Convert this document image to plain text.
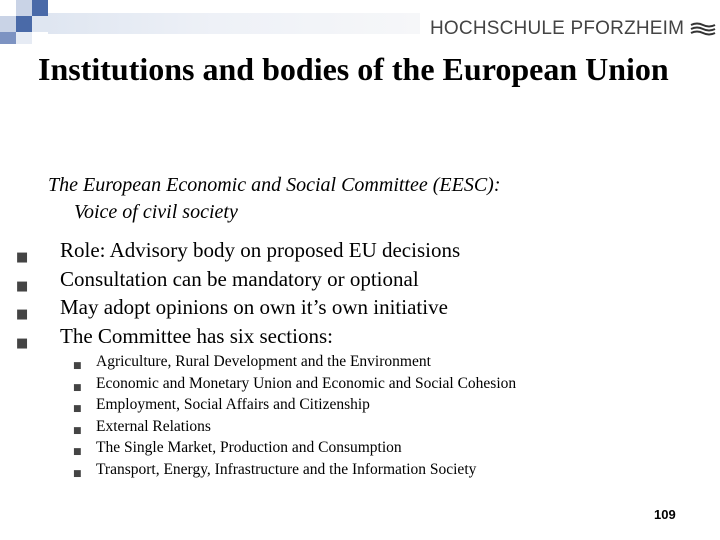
HOCHSCHULE PFORZHEIM
Institutions and bodies of the European Union
The European Economic and Social Committee (EESC):
Voice of civil society
■ Role: Advisory body on proposed EU decisions
■ Consultation can be mandatory or optional
■ May adopt opinions on own it’s own initiative
■ The Committee has six sections:
■ Agriculture, Rural Development and the Environment
■ Economic and Monetary Union and Economic and Social Cohesion
■ Employment, Social Affairs and Citizenship
■ External Relations
■ The Single Market, Production and Consumption
■ Transport, Energy, Infrastructure and the Information Society
109
